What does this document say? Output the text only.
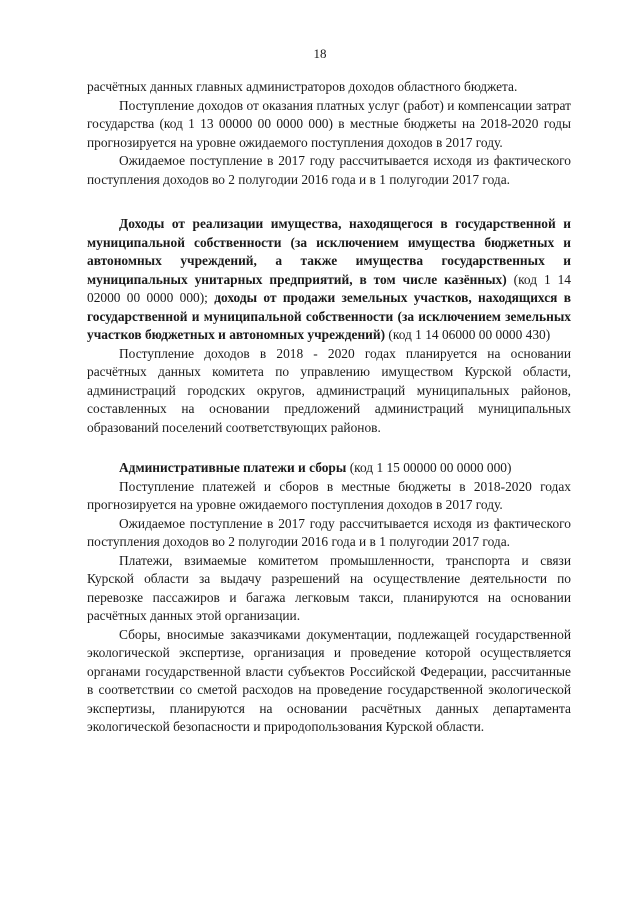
18

расчётных данных главных администраторов доходов областного бюджета.

Поступление доходов от оказания платных услуг (работ) и компенсации затрат государства (код 1 13 00000 00 0000 000) в местные бюджеты на 2018-2020 годы прогнозируется на уровне ожидаемого поступления доходов в 2017 году.

Ожидаемое поступление в 2017 году рассчитывается исходя из фактического поступления доходов во 2 полугодии 2016 года и в 1 полугодии 2017 года.

Доходы от реализации имущества, находящегося в государственной и муниципальной собственности (за исключением имущества бюджетных и автономных учреждений, а также имущества государственных и муниципальных унитарных предприятий, в том числе казённых) (код 1 14 02000 00 0000 000); доходы от продажи земельных участков, находящихся в государственной и муниципальной собственности (за исключением земельных участков бюджетных и автономных учреждений) (код 1 14 06000 00 0000 430)

Поступление доходов в 2018 - 2020 годах планируется на основании расчётных данных комитета по управлению имуществом Курской области, администраций городских округов, администраций муниципальных районов, составленных на основании предложений администраций муниципальных образований поселений соответствующих районов.

Административные платежи и сборы (код 1 15 00000 00 0000 000)

Поступление платежей и сборов в местные бюджеты в 2018-2020 годах прогнозируется на уровне ожидаемого поступления доходов в 2017 году.

Ожидаемое поступление в 2017 году рассчитывается исходя из фактического поступления доходов во 2 полугодии 2016 года и в 1 полугодии 2017 года.

Платежи, взимаемые комитетом промышленности, транспорта и связи Курской области за выдачу разрешений на осуществление деятельности по перевозке пассажиров и багажа легковым такси, планируются на основании расчётных данных этой организации.

Сборы, вносимые заказчиками документации, подлежащей государственной экологической экспертизе, организация и проведение которой осуществляется органами государственной власти субъектов Российской Федерации, рассчитанные в соответствии со сметой расходов на проведение государственной экологической экспертизы, планируются на основании расчётных данных департамента экологической безопасности и природопользования Курской области.
